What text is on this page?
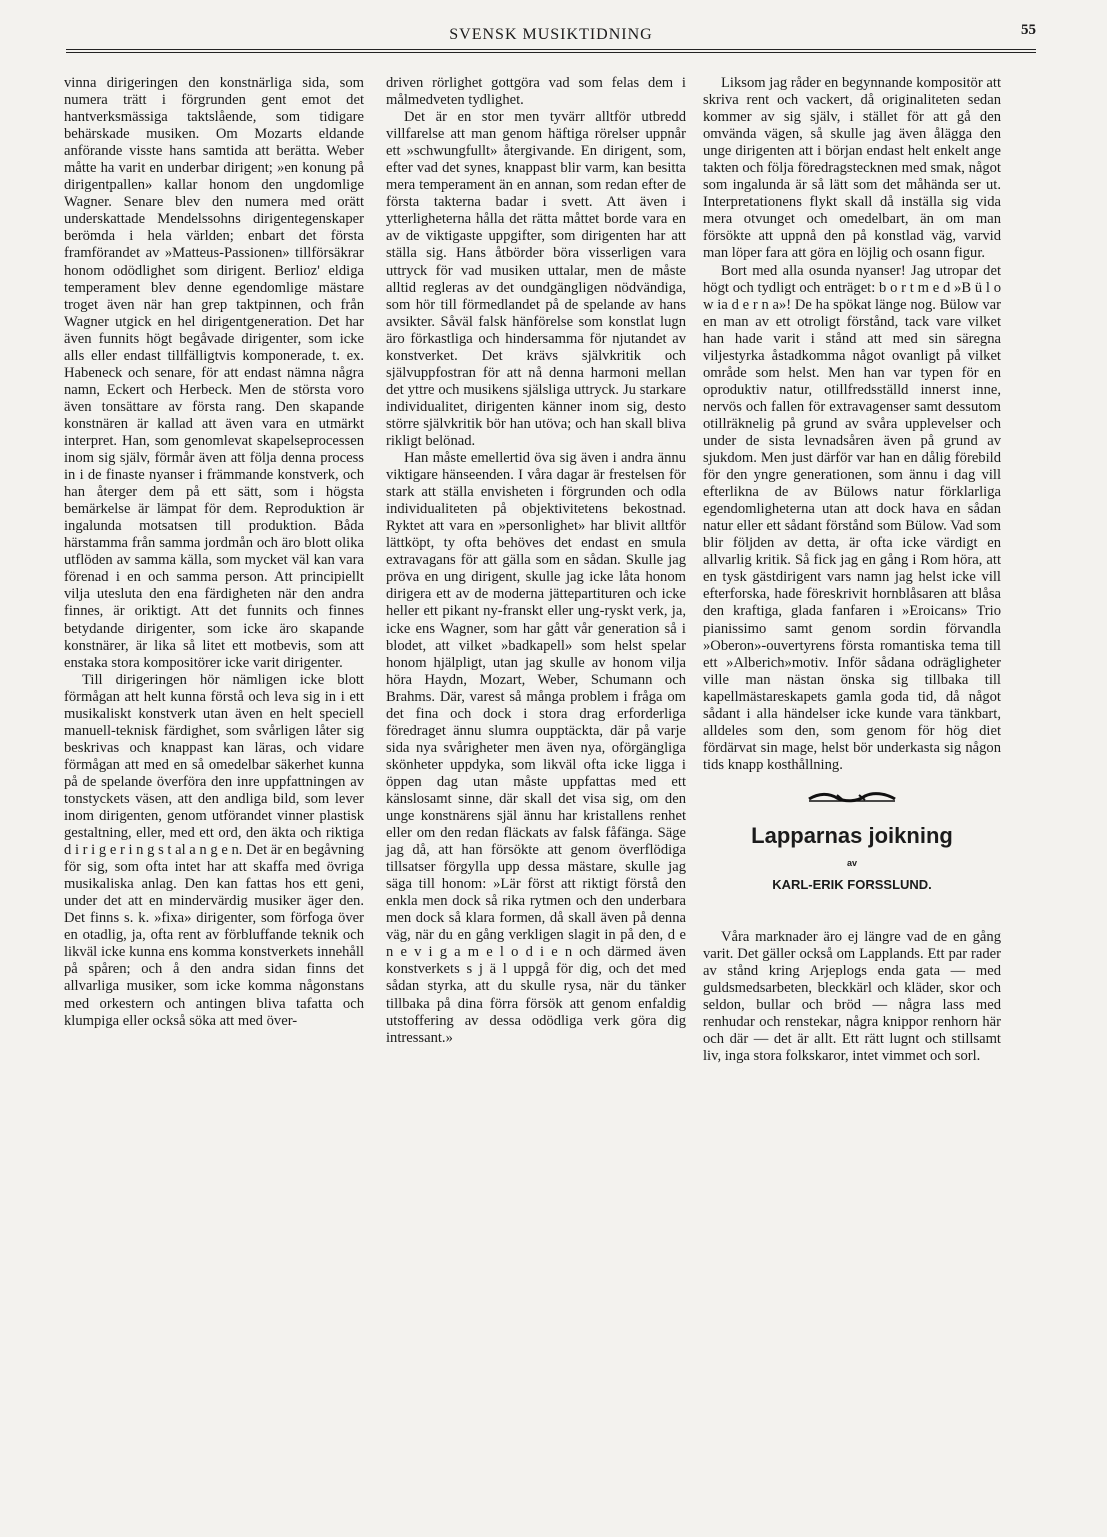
SVENSK MUSIKTIDNING	55

vinna dirigeringen den konstnärliga sida, som numera trätt i förgrunden gent emot det hantverksmässiga taktslående, som tidigare behärskade musiken. Om Mozarts eldande anförande visste hans samtida att berätta. Weber måtte ha varit en underbar dirigent; »en konung på dirigentpallen» kallar honom den ungdomlige Wagner. Senare blev den numera med orätt underskattade Mendelssohns dirigentegenskaper berömda i hela världen; enbart det första framförandet av »Matteus-Passionen» tillförsäkrar honom odödlighet som dirigent. Berlioz' eldiga temperament blev denne egendomlige mästare troget även när han grep taktpinnen, och från Wagner utgick en hel dirigentgeneration. Det har även funnits högt begåvade dirigenter, som icke alls eller endast tillfälligtvis komponerade, t. ex. Habeneck och senare, för att endast nämna några namn, Eckert och Herbeck. Men de största voro även tonsättare av första rang. Den skapande konstnären är kallad att även vara en utmärkt interpret. Han, som genomlevat skapelseprocessen inom sig själv, förmår även att följa denna process in i de finaste nyanser i främmande konstverk, och han återger dem på ett sätt, som i högsta bemärkelse är lämpat för dem. Reproduktion är ingalunda motsatsen till produktion. Båda härstamma från samma jordmån och äro blott olika utflöden av samma källa, som mycket väl kan vara förenad i en och samma person. Att principiellt vilja utesluta den ena färdigheten när den andra finnes, är oriktigt. Att det funnits och finnes betydande dirigenter, som icke äro skapande konstnärer, är lika så litet ett motbevis, som att enstaka stora kompositörer icke varit dirigenter.

Till dirigeringen hör nämligen icke blott förmågan att helt kunna förstå och leva sig in i ett musikaliskt konstverk utan även en helt speciell manuell-teknisk färdighet, som svårligen låter sig beskrivas och knappast kan läras, och vidare förmågan att med en så omedelbar säkerhet kunna på de spelande överföra den inre uppfattningen av tonstyckets väsen, att den andliga bild, som lever inom dirigenten, genom utförandet vinner plastisk gestaltning, eller, med ett ord, den äkta och riktiga d i r i g e r i n g s t al a n g e n. Det är en begåvning för sig, som ofta intet har att skaffa med övriga musikaliska anlag. Den kan fattas hos ett geni, under det att en mindervärdig musiker äger den. Det finns s. k. »fixa» dirigenter, som förfoga över en otadlig, ja, ofta rent av förbluffande teknik och likväl icke kunna ens komma konstverkets innehåll på spåren; och å den andra sidan finns det allvarliga musiker, som icke komma någonstans med orkestern och antingen bliva tafatta och klumpiga eller också söka att med över-

driven rörlighet gottgöra vad som felas dem i målmedveten tydlighet.

Det är en stor men tyvärr alltför utbredd villfarelse att man genom häftiga rörelser uppnår ett »schwungfullt» återgivande. En dirigent, som, efter vad det synes, knappast blir varm, kan besitta mera temperament än en annan, som redan efter de första takterna badar i svett. Att även i ytterligheterna hålla det rätta måttet borde vara en av de viktigaste uppgifter, som dirigenten har att ställa sig. Hans åtbörder böra visserligen vara uttryck för vad musiken uttalar, men de måste alltid regleras av det oundgängligen nödvändiga, som hör till förmedlandet på de spelande av hans avsikter. Såväl falsk hänförelse som konstlat lugn äro förkastliga och hindersamma för njutandet av konstverket. Det krävs självkritik och självuppfostran för att nå denna harmoni mellan det yttre och musikens själsliga uttryck. Ju starkare individualitet, dirigenten känner inom sig, desto större självkritik bör han utöva; och han skall bliva rikligt belönad.

Han måste emellertid öva sig även i andra ännu viktigare hänseenden. I våra dagar är frestelsen för stark att ställa envisheten i förgrunden och odla individualiteten på objektivitetens bekostnad. Ryktet att vara en »personlighet» har blivit alltför lättköpt, ty ofta behöves det endast en smula extravagans för att gälla som en sådan. Skulle jag pröva en ung dirigent, skulle jag icke låta honom dirigera ett av de moderna jättepartituren och icke heller ett pikant ny-franskt eller ung-ryskt verk, ja, icke ens Wagner, som har gått vår generation så i blodet, att vilket »badkapell» som helst spelar honom hjälpligt, utan jag skulle av honom vilja höra Haydn, Mozart, Weber, Schumann och Brahms. Där, varest så många problem i fråga om det fina och dock i stora drag erforderliga föredraget ännu slumra oupptäckta, där på varje sida nya svårigheter men även nya, oförgängliga skönheter uppdyka, som likväl ofta icke ligga i öppen dag utan måste uppfattas med ett känslosamt sinne, där skall det visa sig, om den unge konstnärens själ ännu har kristallens renhet eller om den redan fläckats av falsk fåfänga. Säge jag då, att han försökte att genom överflödiga tillsatser förgylla upp dessa mästare, skulle jag säga till honom: »Lär först att riktigt förstå den enkla men dock så rika rytmen och den underbara men dock så klara formen, då skall även på denna väg, när du en gång verkligen slagit in på den, d e n e v i g a m e l o d i e n och därmed även konstverkets s j ä l uppgå för dig, och det med sådan styrka, att du skulle rysa, när du tänker tillbaka på dina förra försök att genom enfaldig utstoffering av dessa odödliga verk göra dig intressant.»

Liksom jag råder en begynnande kompositör att skriva rent och vackert, då originaliteten sedan kommer av sig själv, i stället för att gå den omvända vägen, så skulle jag även ålägga den unge dirigenten att i början endast helt enkelt ange takten och följa föredragstecknen med smak, något som ingalunda är så lätt som det måhända ser ut. Interpretationens flykt skall då inställa sig vida mera otvunget och omedelbart, än om man försökte att uppnå den på konstlad väg, varvid man löper fara att göra en löjlig och osann figur.

Bort med alla osunda nyanser! Jag utropar det högt och tydligt och enträget: b o r t m e d »B ü l o w ia d e r n a»! De ha spökat länge nog. Bülow var en man av ett otroligt förstånd, tack vare vilket han hade varit i stånd att med sin säregna viljestyrka åstadkomma något ovanligt på vilket område som helst. Men han var typen för en oproduktiv natur, otillfredsställd innerst inne, nervös och fallen för extravagenser samt dessutom otillräknelig på grund av svåra upplevelser och under de sista levnadsåren även på grund av sjukdom. Men just därför var han en dålig förebild för den yngre generationen, som ännu i dag vill efterlikna de av Bülows natur förklarliga egendomligheterna utan att dock hava en sådan natur eller ett sådant förstånd som Bülow. Vad som blir följden av detta, är ofta icke värdigt en allvarlig kritik. Så fick jag en gång i Rom höra, att en tysk gästdirigent vars namn jag helst icke vill efterforska, hade föreskrivit hornblåsaren att blåsa den kraftiga, glada fanfaren i »Eroicans» Trio pianissimo samt genom sordin förvandla »Oberon»-ouvertyrens första romantiska tema till ett »Alberich»motiv. Inför sådana odrägligheter ville man nästan önska sig tillbaka till kapellmästareskapets gamla goda tid, då något sådant i alla händelser icke kunde vara tänkbart, alldeles som den, som genom för hög diet fördärvat sin mage, helst bör underkasta sig någon tids knapp kosthållning.

Lapparnas joikning
av
KARL-ERIK FORSSLUND.

Våra marknader äro ej längre vad de en gång varit. Det gäller också om Lapplands. Ett par rader av stånd kring Arjeplogs enda gata — med guldsmedsarbeten, bleckkärl och kläder, skor och seldon, bullar och bröd — några lass med renhudar och renstekar, några knippor renhorn här och där — det är allt. Ett rätt lugnt och stillsamt liv, inga stora folkskaror, intet vimmet och sorl.
